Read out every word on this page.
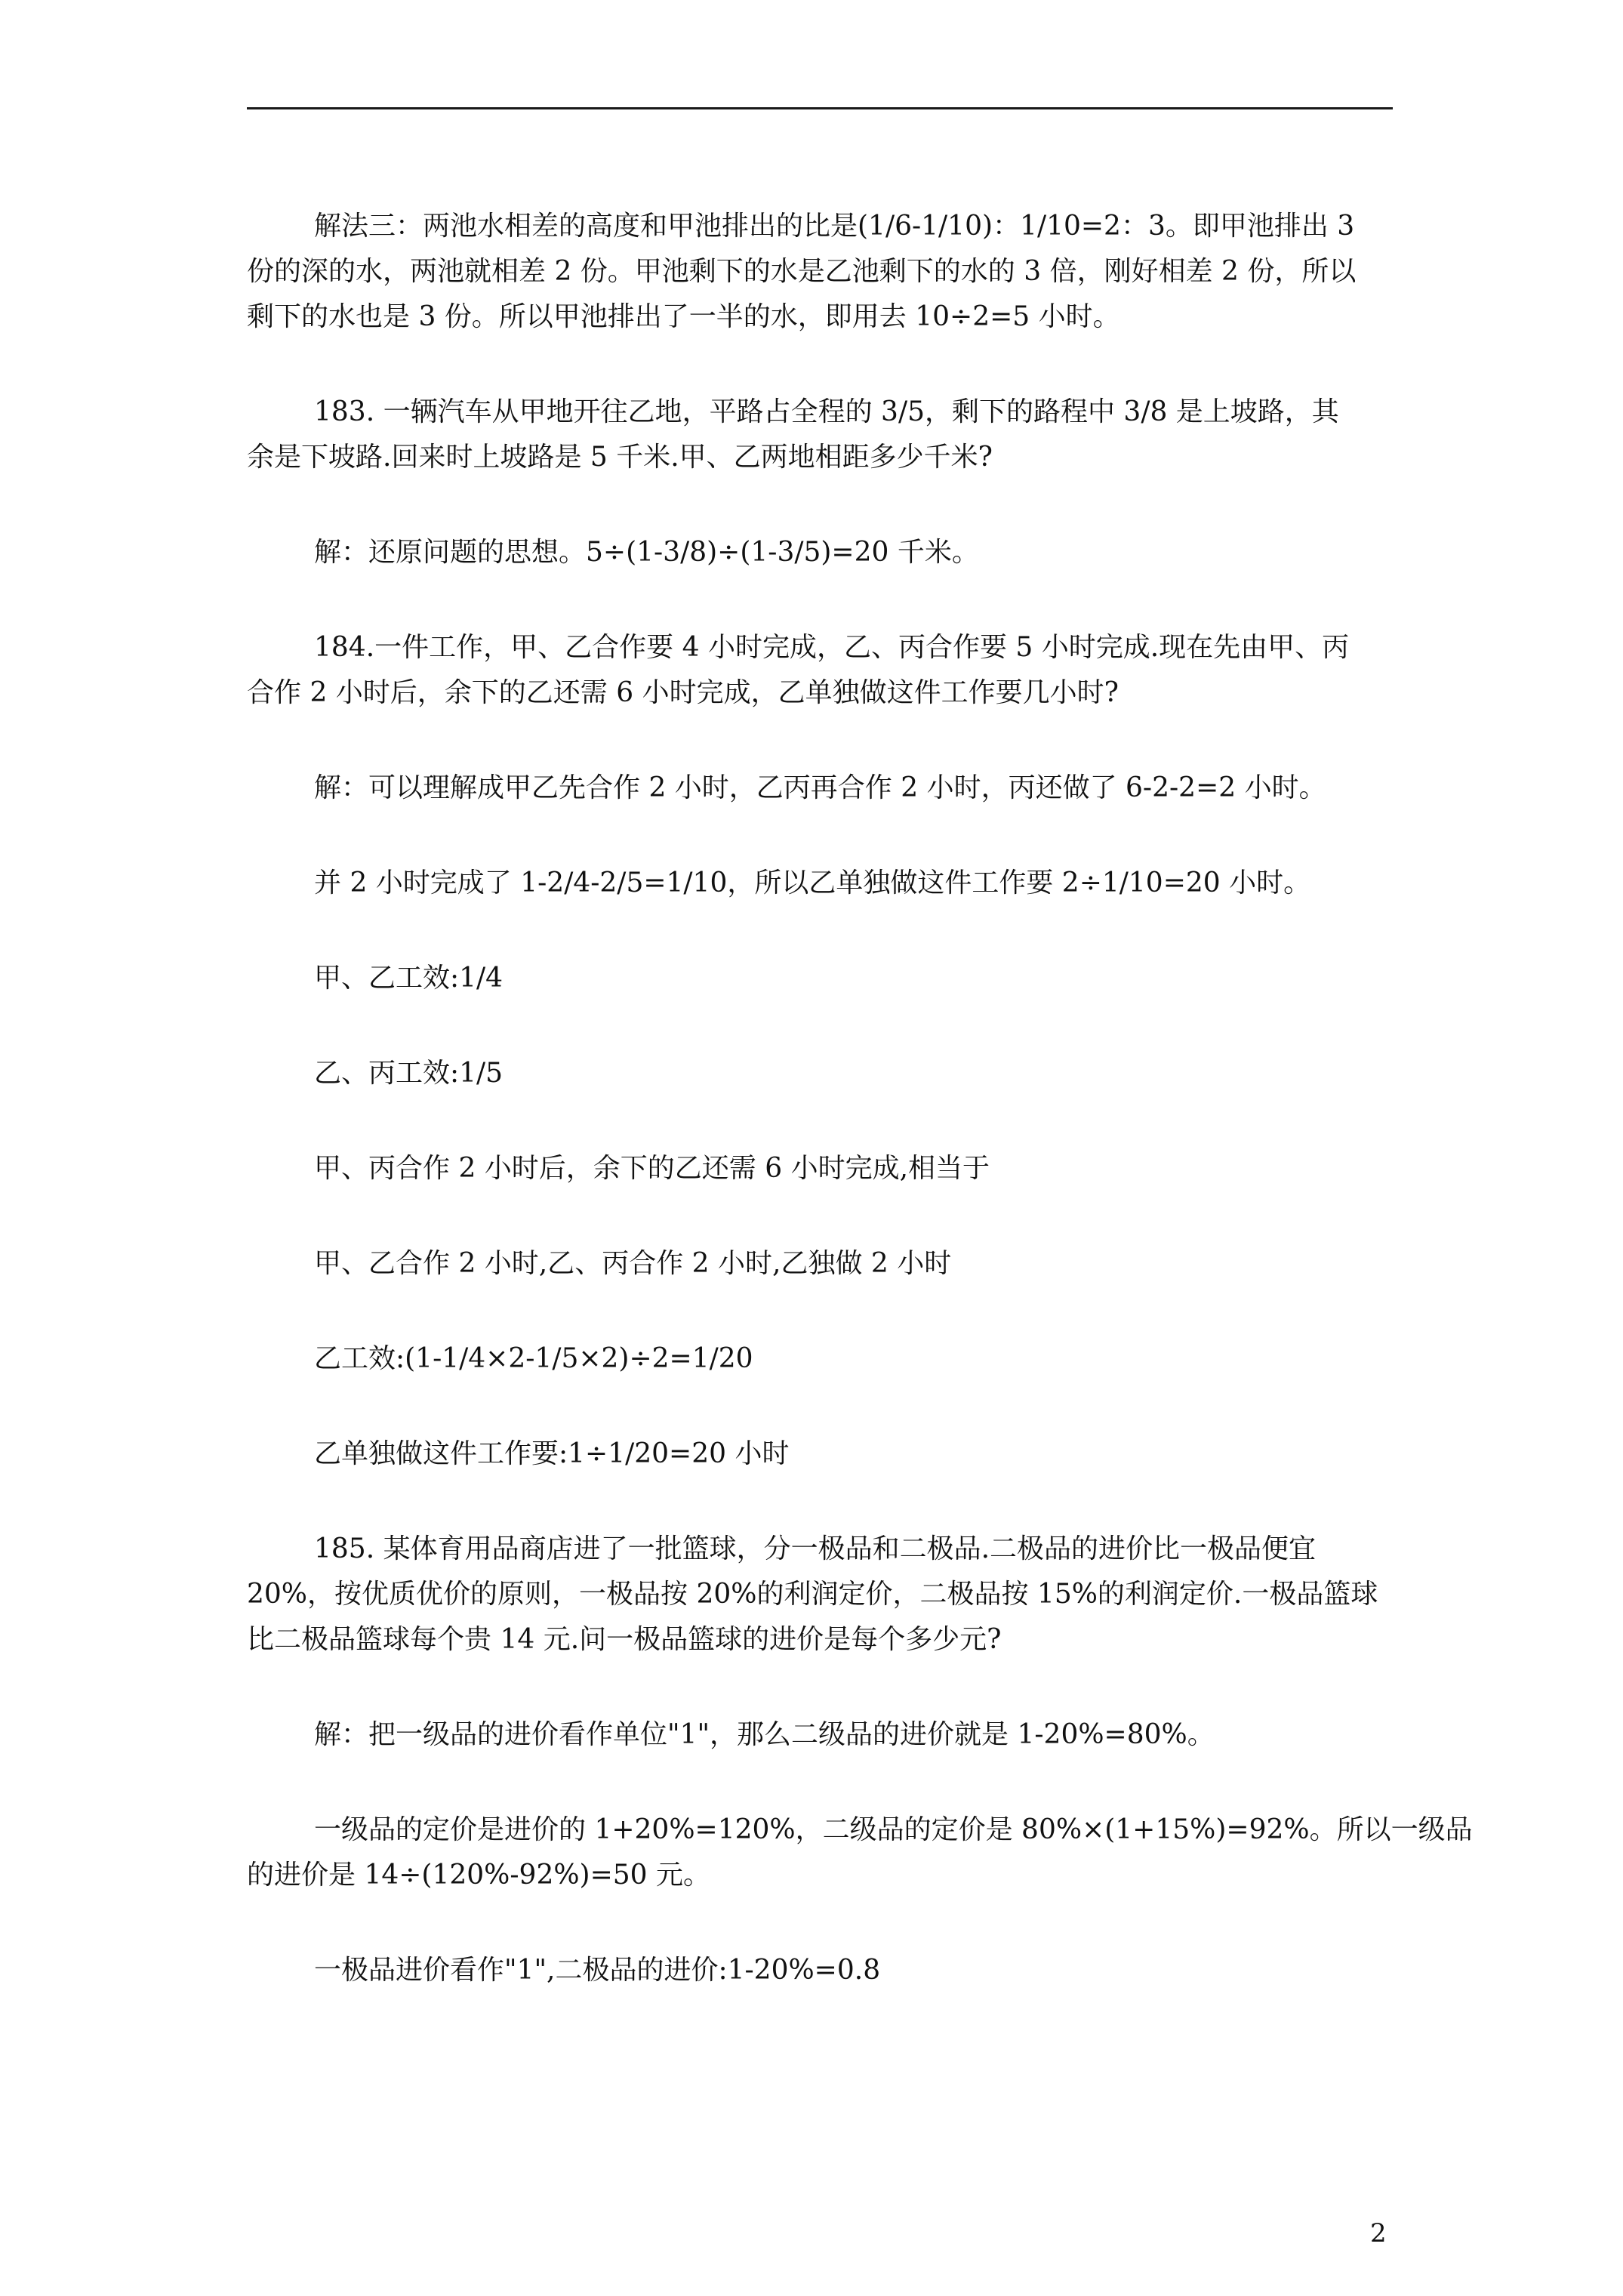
解法三：两池水相差的高度和甲池排出的比是(1/6-1/10)：1/10=2：3。即甲池排出 3
份的深的水，两池就相差 2 份。甲池剩下的水是乙池剩下的水的 3 倍，刚好相差 2 份，所以
剩下的水也是 3 份。所以甲池排出了一半的水，即用去 10÷2=5 小时。

183. 一辆汽车从甲地开往乙地，平路占全程的 3/5，剩下的路程中 3/8 是上坡路，其
余是下坡路.回来时上坡路是 5 千米.甲、乙两地相距多少千米?

解：还原问题的思想。5÷(1-3/8)÷(1-3/5)=20 千米。

184.一件工作，甲、乙合作要 4 小时完成，乙、丙合作要 5 小时完成.现在先由甲、丙
合作 2 小时后，余下的乙还需 6 小时完成，乙单独做这件工作要几小时?

解：可以理解成甲乙先合作 2 小时，乙丙再合作 2 小时，丙还做了 6-2-2=2 小时。

并 2 小时完成了 1-2/4-2/5=1/10，所以乙单独做这件工作要 2÷1/10=20 小时。

甲、乙工效:1/4

乙、丙工效:1/5

甲、丙合作 2 小时后，余下的乙还需 6 小时完成,相当于

甲、乙合作 2 小时,乙、丙合作 2 小时,乙独做 2 小时

乙工效:(1-1/4×2-1/5×2)÷2=1/20

乙单独做这件工作要:1÷1/20=20 小时

185. 某体育用品商店进了一批篮球，分一极品和二极品.二极品的进价比一极品便宜
20%，按优质优价的原则，一极品按 20%的利润定价，二极品按 15%的利润定价.一极品篮球
比二极品篮球每个贵 14 元.问一极品篮球的进价是每个多少元?

解：把一级品的进价看作单位"1"，那么二级品的进价就是 1-20%=80%。

一级品的定价是进价的 1+20%=120%，二级品的定价是 80%×(1+15%)=92%。所以一级品
的进价是 14÷(120%-92%)=50 元。

一极品进价看作"1",二极品的进价:1-20%=0.8

2
